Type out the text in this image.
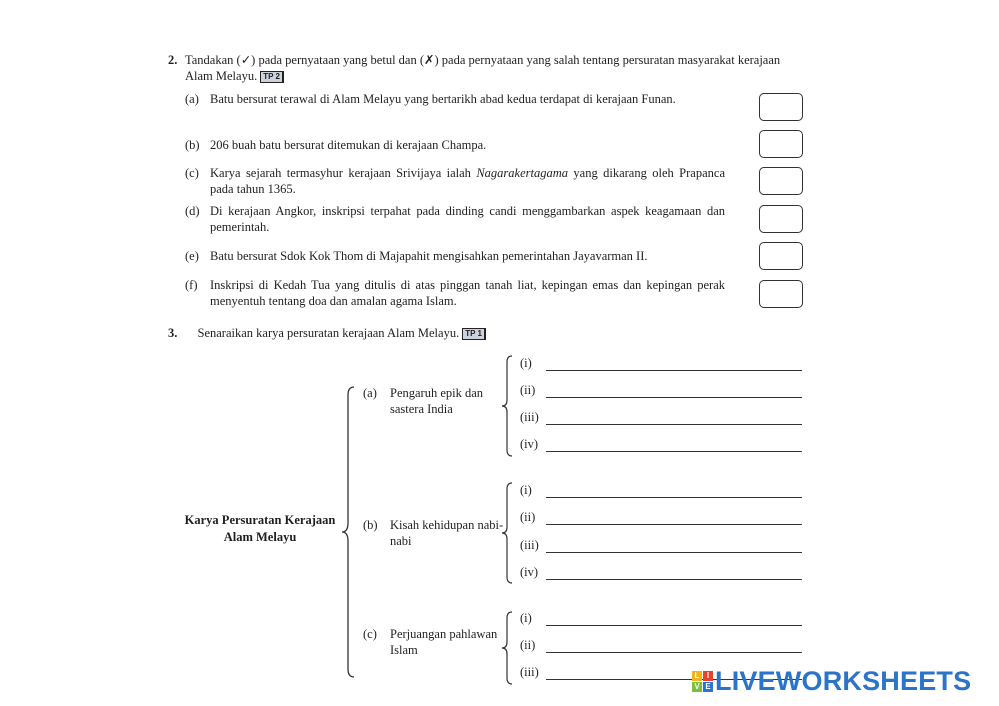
2. Tandakan (✓) pada pernyataan yang betul dan (✗) pada pernyataan yang salah tentang persuratan masyarakat kerajaan Alam Melayu. TP 2
(a) Batu bersurat terawal di Alam Melayu yang bertarikh abad kedua terdapat di kerajaan Funan.
(b) 206 buah batu bersurat ditemukan di kerajaan Champa.
(c) Karya sejarah termasyhur kerajaan Srivijaya ialah Nagarakertagama yang dikarang oleh Prapanca pada tahun 1365.
(d) Di kerajaan Angkor, inskripsi terpahat pada dinding candi menggambarkan aspek keagamaan dan pemerintah.
(e) Batu bersurat Sdok Kok Thom di Majapahit mengisahkan pemerintahan Jayavarman II.
(f) Inskripsi di Kedah Tua yang ditulis di atas pinggan tanah liat, kepingan emas dan kepingan perak menyentuh tentang doa dan amalan agama Islam.
3. Senaraikan karya persuratan kerajaan Alam Melayu. TP 1
Karya Persuratan Kerajaan Alam Melayu
(a) Pengaruh epik dan sastera India
(i)
(ii)
(iii)
(iv)
(b) Kisah kehidupan nabi-nabi
(i)
(ii)
(iii)
(iv)
(c) Perjuangan pahlawan Islam
(i)
(ii)
(iii)	L I
V E LIVEWORKSHEETS
